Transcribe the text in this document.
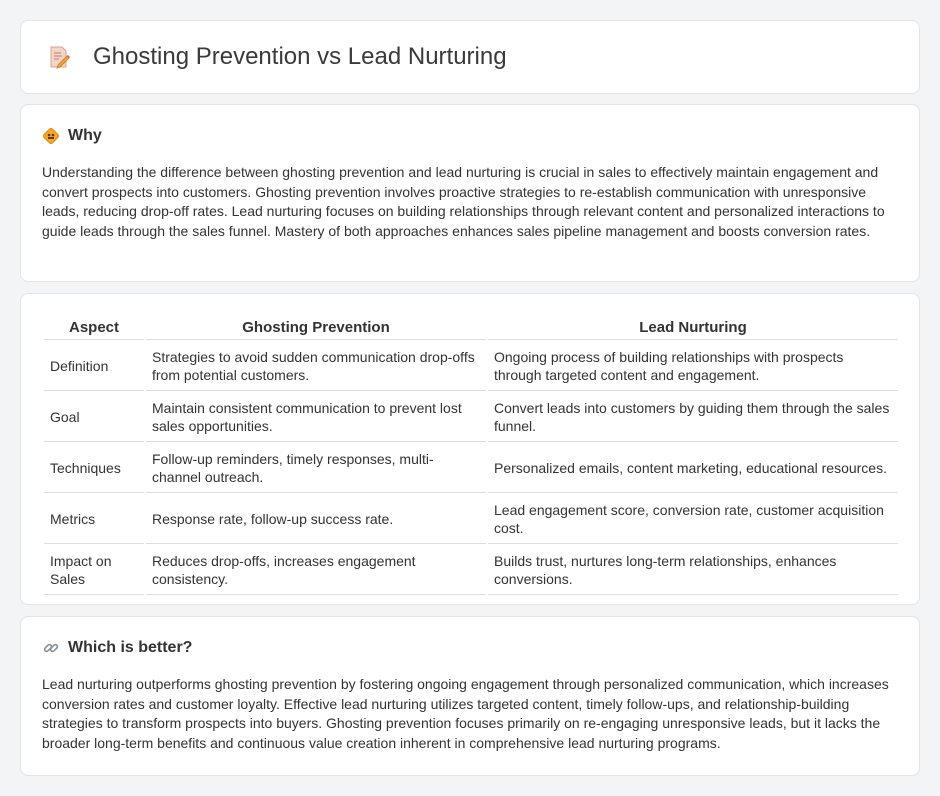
Ghosting Prevention vs Lead Nurturing
Why

Understanding the difference between ghosting prevention and lead nurturing is crucial in sales to effectively maintain engagement and convert prospects into customers. Ghosting prevention involves proactive strategies to re-establish communication with unresponsive leads, reducing drop-off rates. Lead nurturing focuses on building relationships through relevant content and personalized interactions to guide leads through the sales funnel. Mastery of both approaches enhances sales pipeline management and boosts conversion rates.

Aspect	Ghosting Prevention	Lead Nurturing
Definition	Strategies to avoid sudden communication drop-offs from potential customers.	Ongoing process of building relationships with prospects through targeted content and engagement.
Goal	Maintain consistent communication to prevent lost sales opportunities.	Convert leads into customers by guiding them through the sales funnel.
Techniques	Follow-up reminders, timely responses, multi-channel outreach.	Personalized emails, content marketing, educational resources.
Metrics	Response rate, follow-up success rate.	Lead engagement score, conversion rate, customer acquisition cost.
Impact on Sales	Reduces drop-offs, increases engagement consistency.	Builds trust, nurtures long-term relationships, enhances conversions.
Which is better?

Lead nurturing outperforms ghosting prevention by fostering ongoing engagement through personalized communication, which increases conversion rates and customer loyalty. Effective lead nurturing utilizes targeted content, timely follow-ups, and relationship-building strategies to transform prospects into buyers. Ghosting prevention focuses primarily on re-engaging unresponsive leads, but it lacks the broader long-term benefits and continuous value creation inherent in comprehensive lead nurturing programs.
